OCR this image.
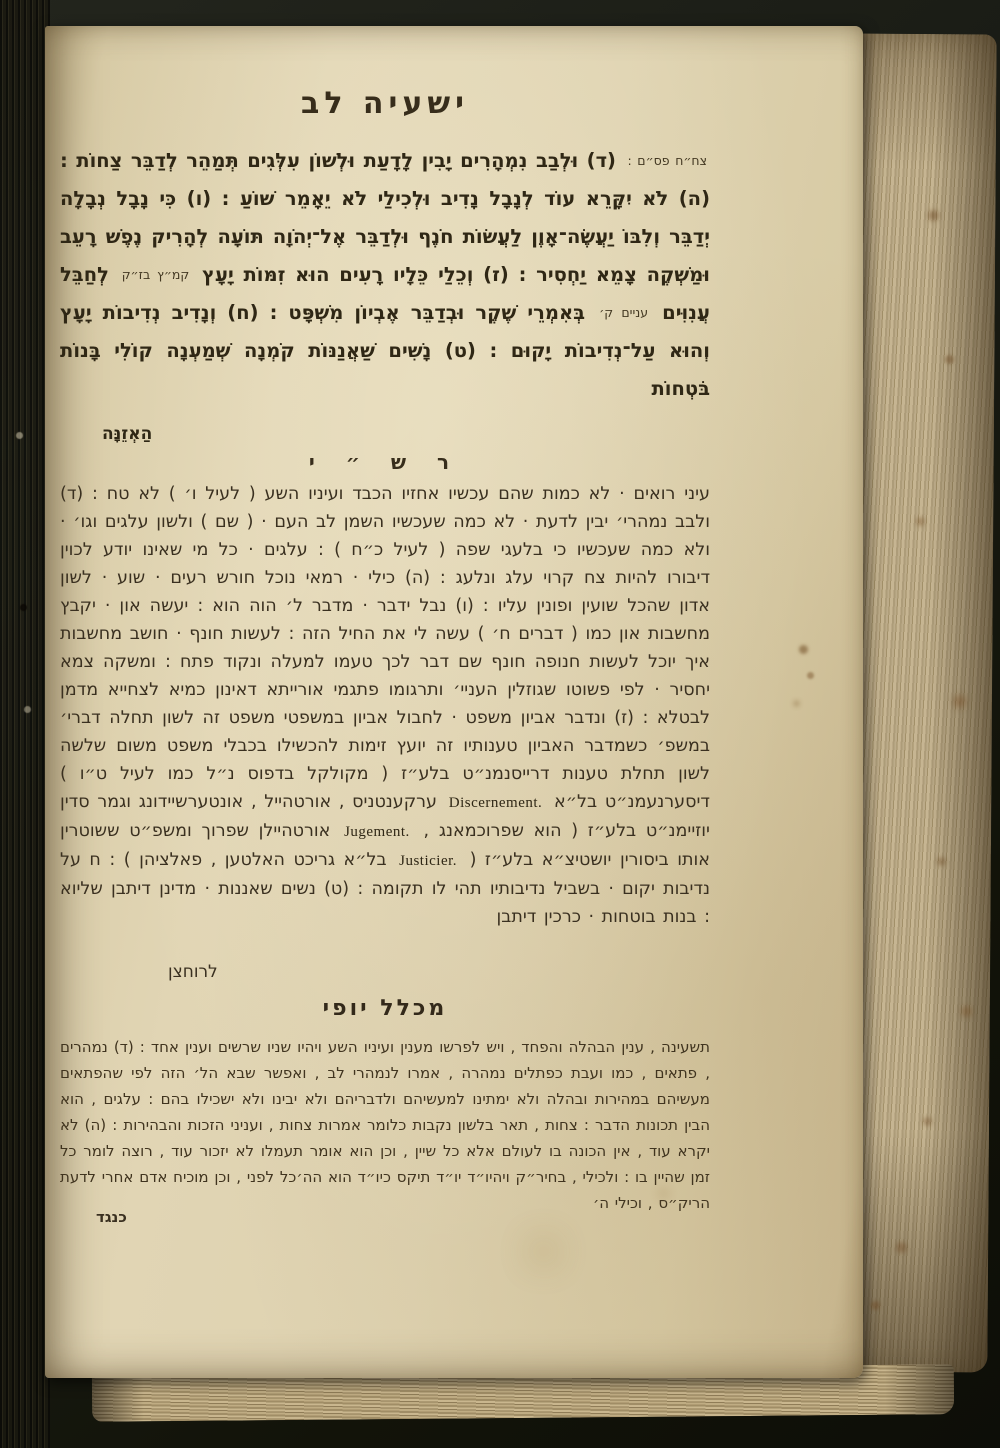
ישעיה לב
צח״ח פס״ם : (ד) וּלְבַב נִמְהָרִים יָבִין לָדָעַת וּלְשׁוֹן עִלְּגִים תְּמַהֵר לְדַבֵּר צַחוֹת : (ה) לֹא יִקָּרֵא עוֹד לְנָבָל נָדִיב וּלְכִילַי לֹא יֵאָמֵר שׁוֹעַ : (ו) כִּי נָבָל נְבָלָה יְדַבֵּר וְלִבּוֹ יַעֲשֶׂה־אָוֶן לַעֲשׂוֹת חֹנֶף וּלְדַבֵּר אֶל־יְהֹוָה תּוֹעָה לְהָרִיק נֶפֶשׁ רָעֵב וּמַשְׁקֶה צָמֵא יַחְסִיר : (ז) וְכֵלַי כֵּלָיו רָעִים הוּא זִמּוֹת יָעָץ קמ״ץ בז״ק לְחַבֵּל עֲנִוִּים עניים ק׳ בְּאִמְרֵי שֶׁקֶר וּבְדַבֵּר אֶבְיוֹן מִשְׁפָּט : (ח) וְנָדִיב נְדִיבוֹת יָעָץ וְהוּא עַל־נְדִיבוֹת יָקוּם : (ט) נָשִׁים שַׁאֲנַנּוֹת קֹמְנָה שְׁמַעְנָה קוֹלִי בָּנוֹת בֹּטְחוֹת
הַאְזֵנָּה
ר ש ״ י
עיני רואים · לא כמות שהם עכשיו אחזיו הכבד ועיניו השע ( לעיל ו׳ ) לא טח : (ד) ולבב נמהרי׳ יבין לדעת · לא כמה שעכשיו השמן לב העם · ( שם ) ולשון עלגים וגו׳ · ולא כמה שעכשיו כי בלעגי שפה ( לעיל כ״ח ) : עלגים · כל מי שאינו יודע לכוין דיבורו להיות צח קרוי עלג ונלעג : (ה) כילי · רמאי נוכל חורש רעים · שוע · לשון אדון שהכל שועין ופונין עליו : (ו) נבל ידבר · מדבר ל׳ הוה הוא : יעשה און · יקבץ מחשבות און כמו ( דברים ח׳ ) עשה לי את החיל הזה : לעשות חונף · חושב מחשבות איך יוכל לעשות חנופה חונף שם דבר לכך טעמו למעלה ונקוד פתח : ומשקה צמא יחסיר · לפי פשוטו שגוזלין העניי׳ ותרגומו פתגמי אורייתא דאינון כמיא לצחייא מדמן לבטלא : (ז) ונדבר אביון משפט · לחבול אביון במשפטי משפט זה לשון תחלה דברי׳ במשפ׳ כשמדבר האביון טענותיו זה יועץ זימות להכשילו בכבלי משפט משום שלשה לשון תחלת טענות דרייסנמנ״ט בלע״ז ( מקולקל בדפוס נ״ל כמו לעיל ט״ו ) דיסערנעמנ״ט בל״א Discernement. ערקענטניס , אורטהייל , אונטערשיידונג וגמר סדין יוזיימנ״ט בלע״ז ( הוא שפרוכמאנג , Jugement. אורטהיילן שפרוך ומשפ״ט ששוטרין אותו ביסורין יושטיצ״א בלע״ז ( Justicier. בל״א גריכט האלטען , פאלציהן ) : ח על נדיבות יקום · בשביל נדיבותיו תהי לו תקומה : (ט) נשים שאננות · מדינן דיתבן שליוא : בנות בוטחות · כרכין דיתבן
לרוחצן
מכלל יופי
תשעינה , ענין הבהלה והפחד , ויש לפרשו מענין ועיניו השע ויהיו שניו שרשים וענין אחד : (ד) נמהרים , פתאים , כמו ועבת כפתלים נמהרה , אמרו לנמהרי לב , ואפשר שבא הל׳ הזה לפי שהפתאים מעשיהם במהירות ובהלה ולא ימתינו למעשיהם ולדבריהם ולא יבינו ולא ישכילו בהם : עלגים , הוא הבין תכונות הדבר : צחות , תאר בלשון נקבות כלומר אמרות צחות , ועניני הזכות והבהירות : (ה) לא יקרא עוד , אין הכונה בו לעולם אלא כל שיין , וכן הוא אומר תעמלו לא יזכור עוד , רוצה לומר כל זמן שהיין בו : ולכילי , בחיר״ק ויהיו״ד יו״ד תיקס כיו״ד הוא הה׳כל לפני , וכן מוכיח אדם אחרי לדעת הריק״ס , וכילי ה׳
כנגד
